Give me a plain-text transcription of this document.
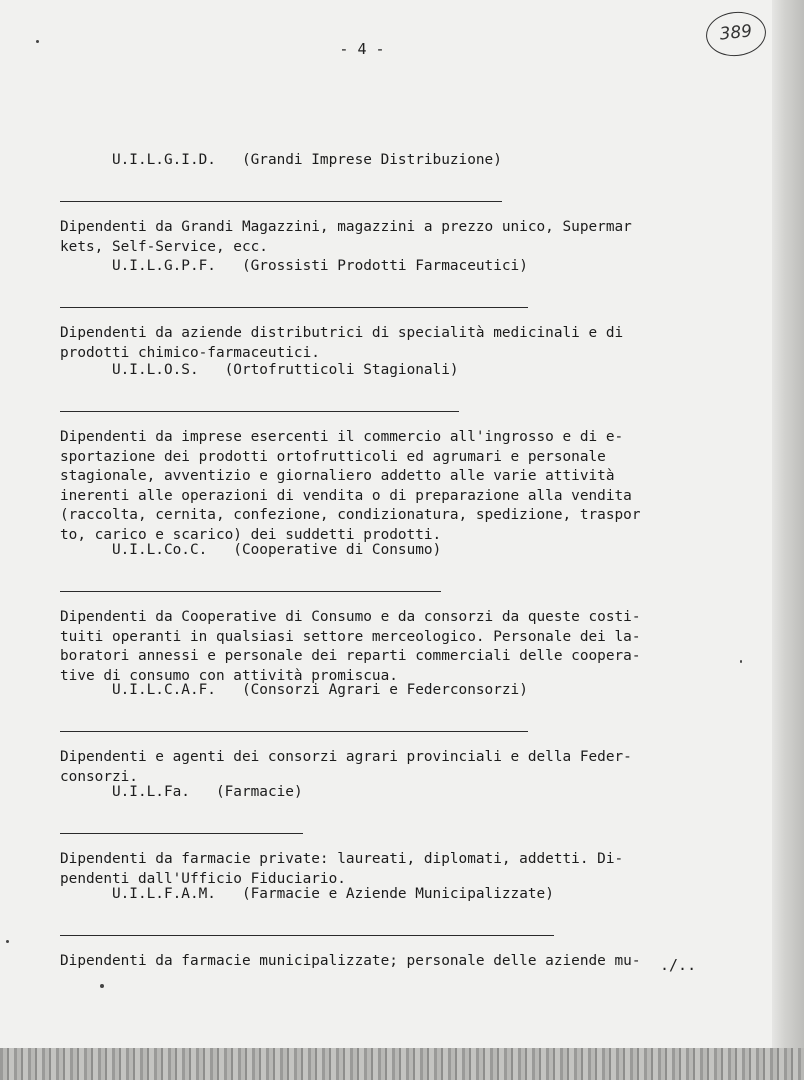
- 4 -
389

U.I.L.G.I.D. (Grandi Imprese Distribuzione)

Dipendenti da Grandi Magazzini, magazzini a prezzo unico, Supermar
kets, Self-Service, ecc.

U.I.L.G.P.F. (Grossisti Prodotti Farmaceutici)

Dipendenti da aziende distributrici di specialità medicinali e di
prodotti chimico-farmaceutici.

U.I.L.O.S. (Ortofrutticoli Stagionali)

Dipendenti da imprese esercenti il commercio all'ingrosso e di e-
sportazione dei prodotti ortofrutticoli ed agrumari e personale
stagionale, avventizio e giornaliero addetto alle varie attività
inerenti alle operazioni di vendita o di preparazione alla vendita
(raccolta, cernita, confezione, condizionatura, spedizione, traspor
to, carico e scarico) dei suddetti prodotti.

U.I.L.Co.C. (Cooperative di Consumo)

Dipendenti da Cooperative di Consumo e da consorzi da queste costi-
tuiti operanti in qualsiasi settore merceologico. Personale dei la-
boratori annessi e personale dei reparti commerciali delle coopera-
tive di consumo con attività promiscua.

U.I.L.C.A.F. (Consorzi Agrari e Federconsorzi)

Dipendenti e agenti dei consorzi agrari provinciali e della Feder-
consorzi.

U.I.L.Fa. (Farmacie)

Dipendenti da farmacie private: laureati, diplomati, addetti. Di-
pendenti dall'Ufficio Fiduciario.

U.I.L.F.A.M. (Farmacie e Aziende Municipalizzate)

Dipendenti da farmacie municipalizzate; personale delle aziende mu-	./..
